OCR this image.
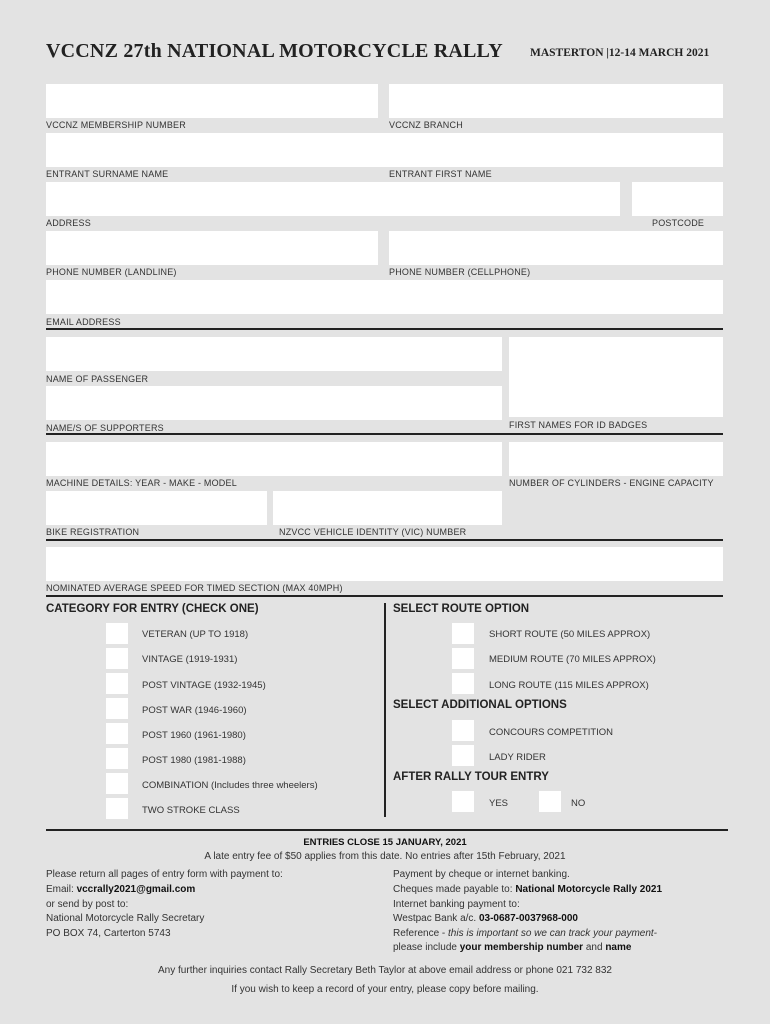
VCCNZ 27th NATIONAL MOTORCYCLE RALLY MASTERTON |12-14 MARCH 2021
VCCNZ MEMBERSHIP NUMBER	VCCNZ BRANCH
ENTRANT SURNAME NAME	ENTRANT FIRST NAME
ADDRESS	POSTCODE
PHONE NUMBER (LANDLINE)	PHONE NUMBER (CELLPHONE)
EMAIL ADDRESS
NAME OF PASSENGER
NAME/S OF SUPPORTERS	FIRST NAMES FOR ID BADGES
MACHINE DETAILS: YEAR - MAKE - MODEL	NUMBER OF CYLINDERS - ENGINE CAPACITY
BIKE REGISTRATION	NZVCC VEHICLE IDENTITY (VIC) NUMBER
NOMINATED AVERAGE SPEED FOR TIMED SECTION (MAX 40MPH)
CATEGORY FOR ENTRY (CHECK ONE)
VETERAN (UP TO 1918)
VINTAGE (1919-1931)
POST VINTAGE (1932-1945)
POST WAR (1946-1960)
POST 1960 (1961-1980)
POST 1980 (1981-1988)
COMBINATION (Includes three wheelers)
TWO STROKE CLASS
SELECT ROUTE OPTION
SHORT ROUTE (50 MILES APPROX)
MEDIUM ROUTE (70 MILES APPROX)
LONG ROUTE (115 MILES APPROX)
SELECT ADDITIONAL OPTIONS
CONCOURS COMPETITION
LADY RIDER
AFTER RALLY TOUR ENTRY
YES	NO
ENTRIES CLOSE 15 JANUARY, 2021
A late entry fee of $50 applies from this date. No entries after 15th February, 2021
Please return all pages of entry form with payment to:
Email: vccrally2021@gmail.com
or send by post to:
National Motorcycle Rally Secretary
PO BOX 74, Carterton 5743
Payment by cheque or internet banking.
Cheques made payable to: National Motorcycle Rally 2021
Internet banking payment to:
Westpac Bank a/c. 03-0687-0037968-000
Reference - this is important so we can track your payment-
please include your membership number and name
Any further inquiries contact Rally Secretary Beth Taylor at above email address or phone 021 732 832
If you wish to keep a record of your entry, please copy before mailing.
